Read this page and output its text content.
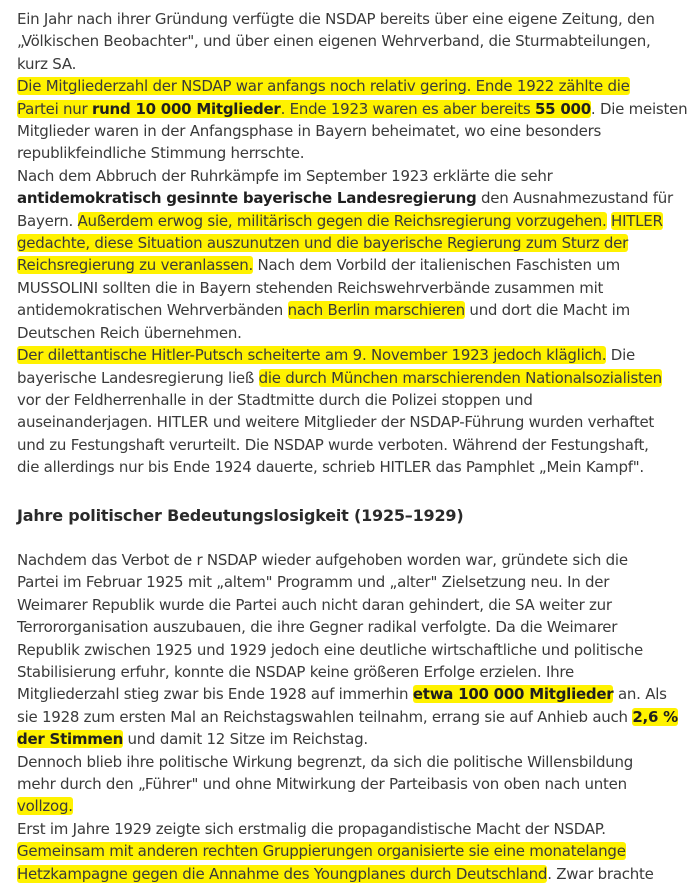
Ein Jahr nach ihrer Gründung verfügte die NSDAP bereits über eine eigene Zeitung, den
„Völkischen Beobachter", und über einen eigenen Wehrverband, die Sturmabteilungen,
kurz SA.
Die Mitgliederzahl der NSDAP war anfangs noch relativ gering. Ende 1922 zählte die
Partei nur rund 10 000 Mitglieder. Ende 1923 waren es aber bereits 55 000. Die meisten
Mitglieder waren in der Anfangsphase in Bayern beheimatet, wo eine besonders
republikfeindliche Stimmung herrschte.
Nach dem Abbruch der Ruhrkämpfe im September 1923 erklärte die sehr
antidemokratisch gesinnte bayerische Landesregierung den Ausnahmezustand für
Bayern. Außerdem erwog sie, militärisch gegen die Reichsregierung vorzugehen. HITLER
gedachte, diese Situation auszunutzen und die bayerische Regierung zum Sturz der
Reichsregierung zu veranlassen. Nach dem Vorbild der italienischen Faschisten um
MUSSOLINI sollten die in Bayern stehenden Reichswehrverbände zusammen mit
antidemokratischen Wehrverbänden nach Berlin marschieren und dort die Macht im
Deutschen Reich übernehmen.
Der dilettantische Hitler-Putsch scheiterte am 9. November 1923 jedoch kläglich. Die
bayerische Landesregierung ließ die durch München marschierenden Nationalsozialisten
vor der Feldherrenhalle in der Stadtmitte durch die Polizei stoppen und
auseinanderjagen. HITLER und weitere Mitglieder der NSDAP-Führung wurden verhaftet
und zu Festungshaft verurteilt. Die NSDAP wurde verboten. Während der Festungshaft,
die allerdings nur bis Ende 1924 dauerte, schrieb HITLER das Pamphlet „Mein Kampf".

Jahre politischer Bedeutungslosigkeit (1925–1929)

Nachdem das Verbot de r NSDAP wieder aufgehoben worden war, gründete sich die
Partei im Februar 1925 mit „altem" Programm und „alter" Zielsetzung neu. In der
Weimarer Republik wurde die Partei auch nicht daran gehindert, die SA weiter zur
Terrororganisation auszubauen, die ihre Gegner radikal verfolgte. Da die Weimarer
Republik zwischen 1925 und 1929 jedoch eine deutliche wirtschaftliche und politische
Stabilisierung erfuhr, konnte die NSDAP keine größeren Erfolge erzielen. Ihre
Mitgliederzahl stieg zwar bis Ende 1928 auf immerhin etwa 100 000 Mitglieder an. Als
sie 1928 zum ersten Mal an Reichstagswahlen teilnahm, errang sie auf Anhieb auch 2,6 %
der Stimmen und damit 12 Sitze im Reichstag.
Dennoch blieb ihre politische Wirkung begrenzt, da sich die politische Willensbildung
mehr durch den „Führer" und ohne Mitwirkung der Parteibasis von oben nach unten
vollzog.
Erst im Jahre 1929 zeigte sich erstmalig die propagandistische Macht der NSDAP.
Gemeinsam mit anderen rechten Gruppierungen organisierte sie eine monatelange
Hetzkampagne gegen die Annahme des Youngplanes durch Deutschland. Zwar brachte
